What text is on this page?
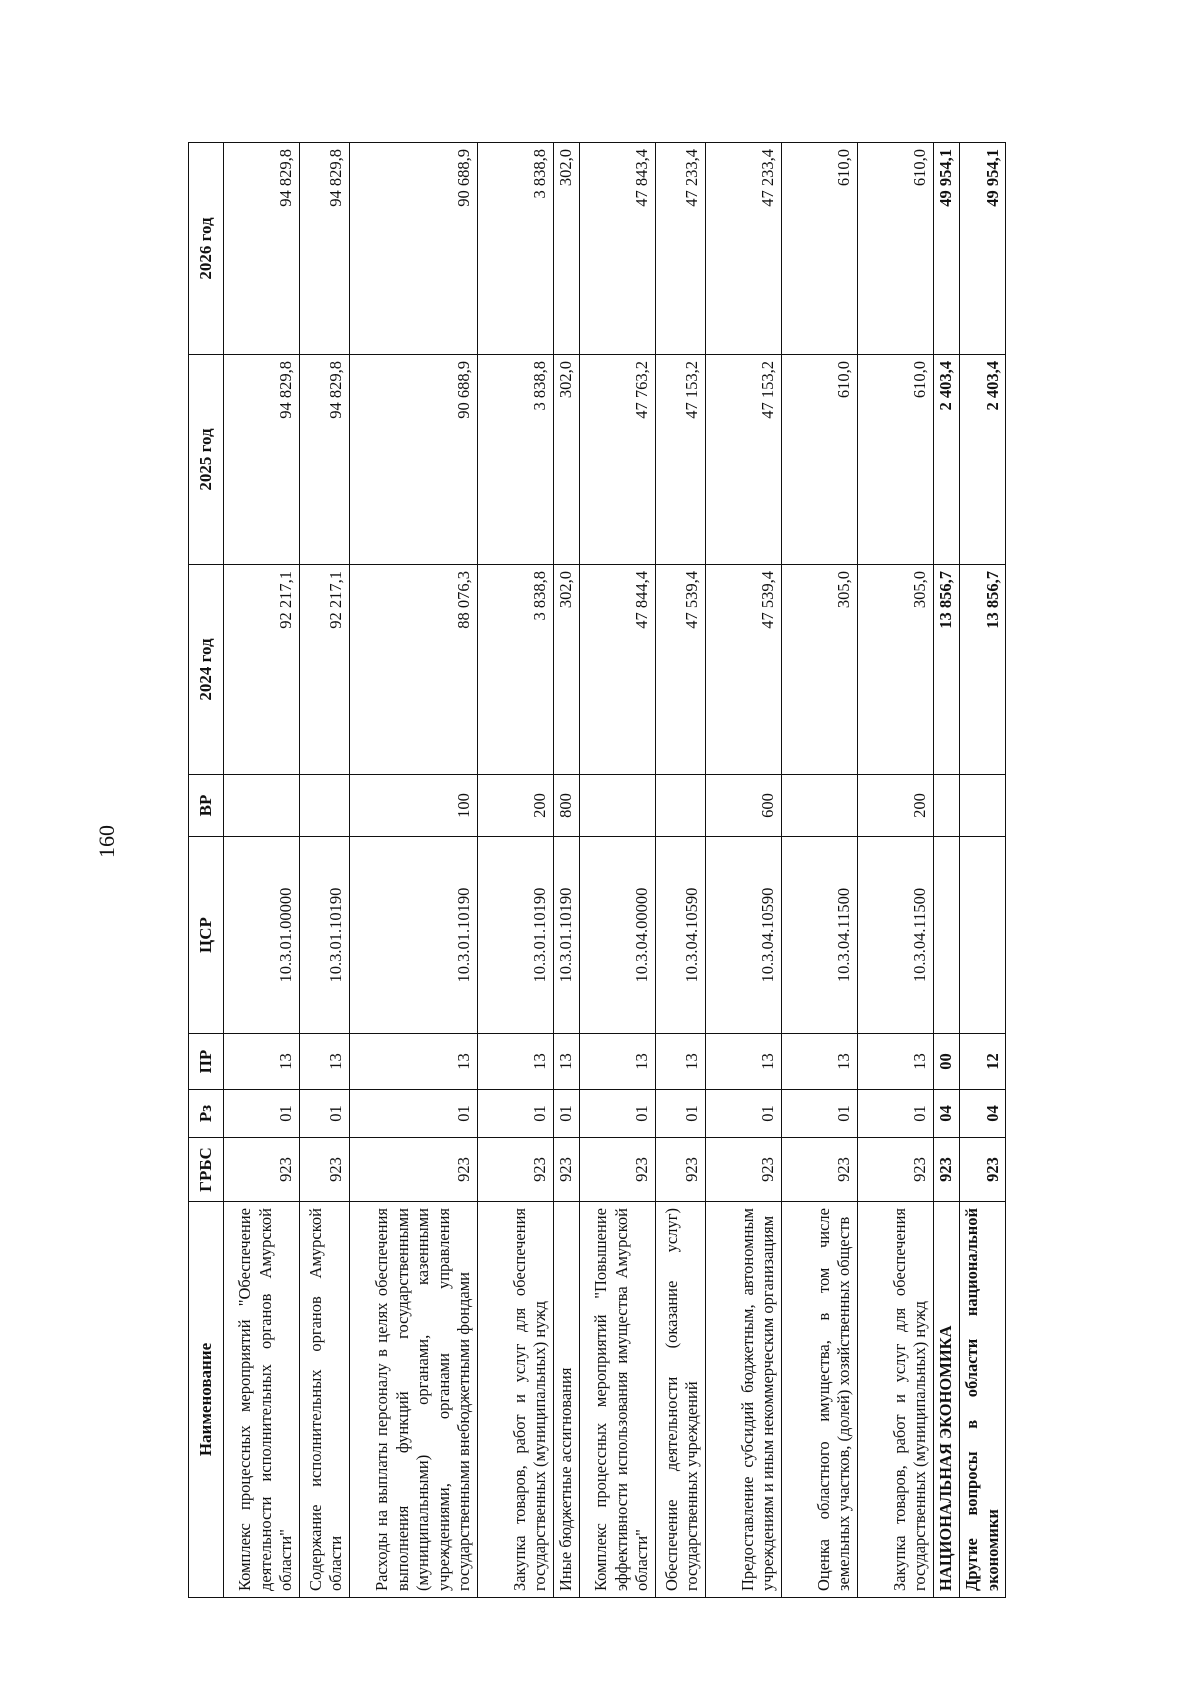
160
Наименование	ГРБС	Рз	ПР	ЦСР	ВР	2024 год	2025 год	2026 год
Комплекс процессных мероприятий "Обеспечение деятельности исполнительных органов Амурской области"	923	01	13	10.3.01.00000		92 217,1	94 829,8	94 829,8
Содержание исполнительных органов Амурской области	923	01	13	10.3.01.10190		92 217,1	94 829,8	94 829,8
Расходы на выплаты персоналу в целях обеспечения выполнения функций государственными (муниципальными) органами, казенными учреждениями, органами управления государственными внебюджетными фондами	923	01	13	10.3.01.10190	100	88 076,3	90 688,9	90 688,9
Закупка товаров, работ и услуг для обеспечения государственных (муниципальных) нужд	923	01	13	10.3.01.10190	200	3 838,8	3 838,8	3 838,8
Иные бюджетные ассигнования	923	01	13	10.3.01.10190	800	302,0	302,0	302,0
Комплекс процессных мероприятий "Повышение эффективности использования имущества Амурской области"	923	01	13	10.3.04.00000		47 844,4	47 763,2	47 843,4
Обеспечение деятельности (оказание услуг) государственных учреждений	923	01	13	10.3.04.10590		47 539,4	47 153,2	47 233,4
Предоставление субсидий бюджетным, автономным учреждениям и иным некоммерческим организациям	923	01	13	10.3.04.10590	600	47 539,4	47 153,2	47 233,4
Оценка областного имущества, в том числе земельных участков, (долей) хозяйственных обществ	923	01	13	10.3.04.11500		305,0	610,0	610,0
Закупка товаров, работ и услуг для обеспечения государственных (муниципальных) нужд	923	01	13	10.3.04.11500	200	305,0	610,0	610,0
НАЦИОНАЛЬНАЯ ЭКОНОМИКА	923	04	00			13 856,7	2 403,4	49 954,1
Другие вопросы в области национальной экономики	923	04	12			13 856,7	2 403,4	49 954,1
